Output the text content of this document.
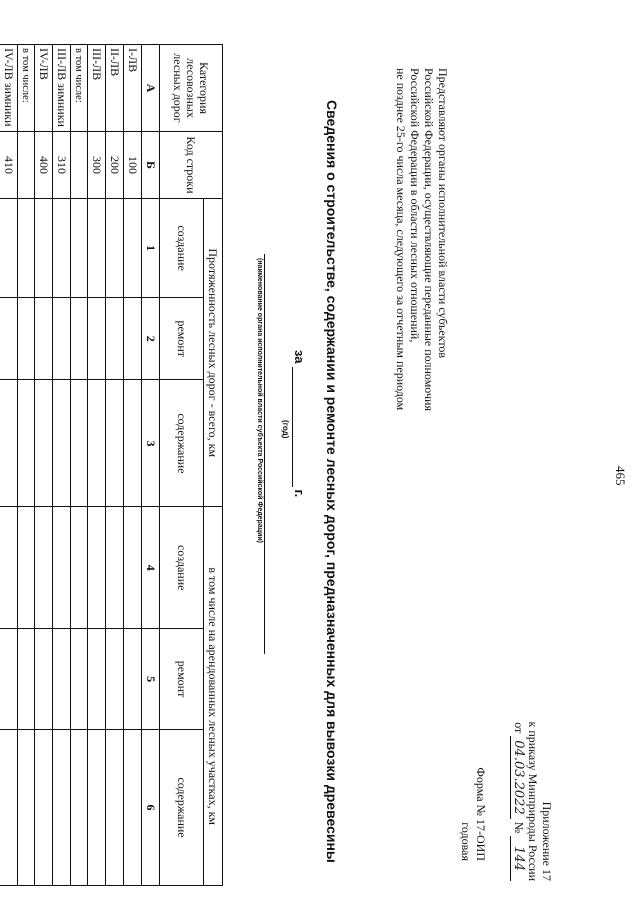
465
Приложение 17
к приказу Минприроды России
от 04.03.2022 № 144
Форма № 17-ОИП
годовая
Представляют органы исполнительной власти субъектов
Российской Федерации, осуществляющие переданные полномочия
Российской Федерации в области лесных отношений,
не позднее 25-го числа месяца, следующего за отчетным периодом
Сведения о строительстве, содержании и ремонте лесных дорог, предназначенных для вывозки древесины
заг.
(год)
(наименование органа исполнительной власти субъекта Российской Федерации)
Категория лесовозных лесных дорог	Код строки	Протяженность лесных дорог - всего, км			в том числе на арендованных лесных участках, км		
		создание	ремонт	содержание	создание	ремонт	содержание
А	Б	1	2	3	4	5	6
I-ЛВ	100						
II-ЛВ	200						
III-ЛВ	300						
в том числе:							
III-ЛВ зимники	310						
IV-ЛВ	400						
в том числе:							
IV-ЛВ зимники	410						
